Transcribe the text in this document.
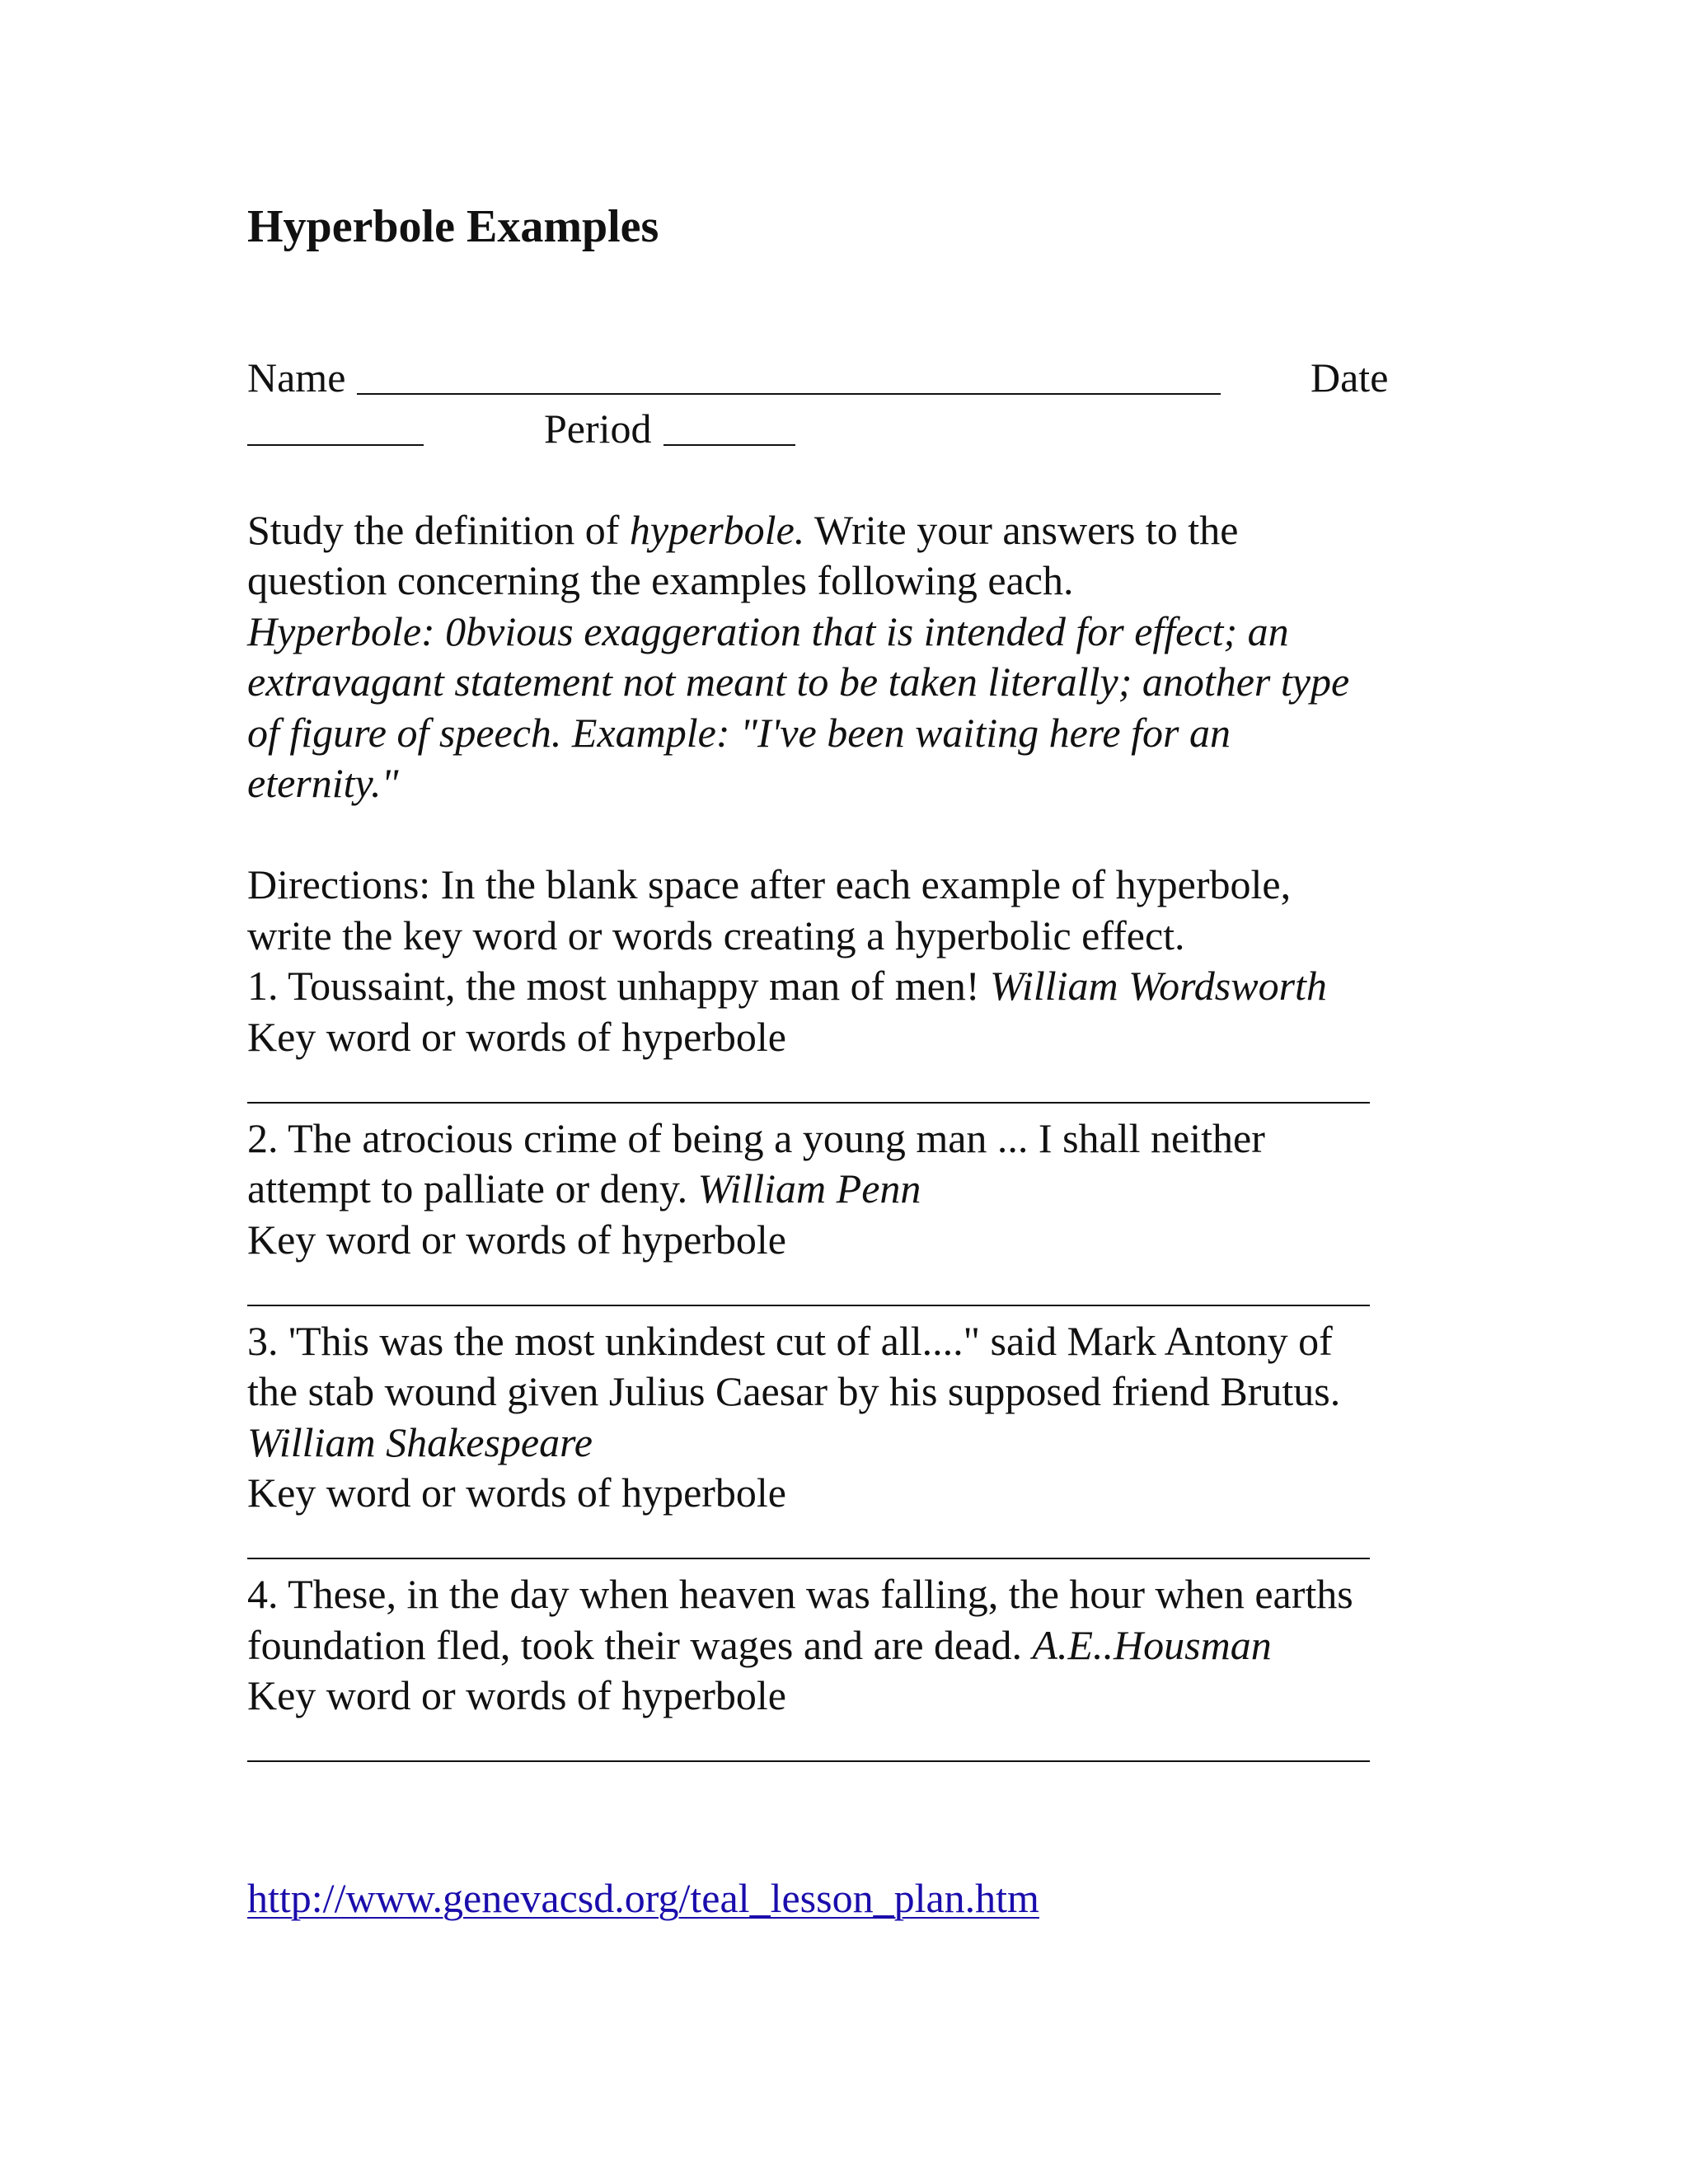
Hyperbole Examples
Name	Date
Period
Study the definition of hyperbole. Write your answers to the
question concerning the examples following each.
Hyperbole: 0bvious exaggeration that is intended for effect; an
extravagant statement not meant to be taken literally; another type
of figure of speech. Example: "I've been waiting here for an
eternity."
Directions: In the blank space after each example of hyperbole,
write the key word or words creating a hyperbolic effect.
1. Toussaint, the most unhappy man of men! William Wordsworth
Key word or words of hyperbole
2. The atrocious crime of being a young man ... I shall neither
attempt to palliate or deny. William Penn
Key word or words of hyperbole
3. 'This was the most unkindest cut of all...." said Mark Antony of
the stab wound given Julius Caesar by his supposed friend Brutus.
William Shakespeare
Key word or words of hyperbole
4. These, in the day when heaven was falling, the hour when earths
foundation fled, took their wages and are dead. A.E..Housman
Key word or words of hyperbole
http://www.genevacsd.org/teal_lesson_plan.htm
